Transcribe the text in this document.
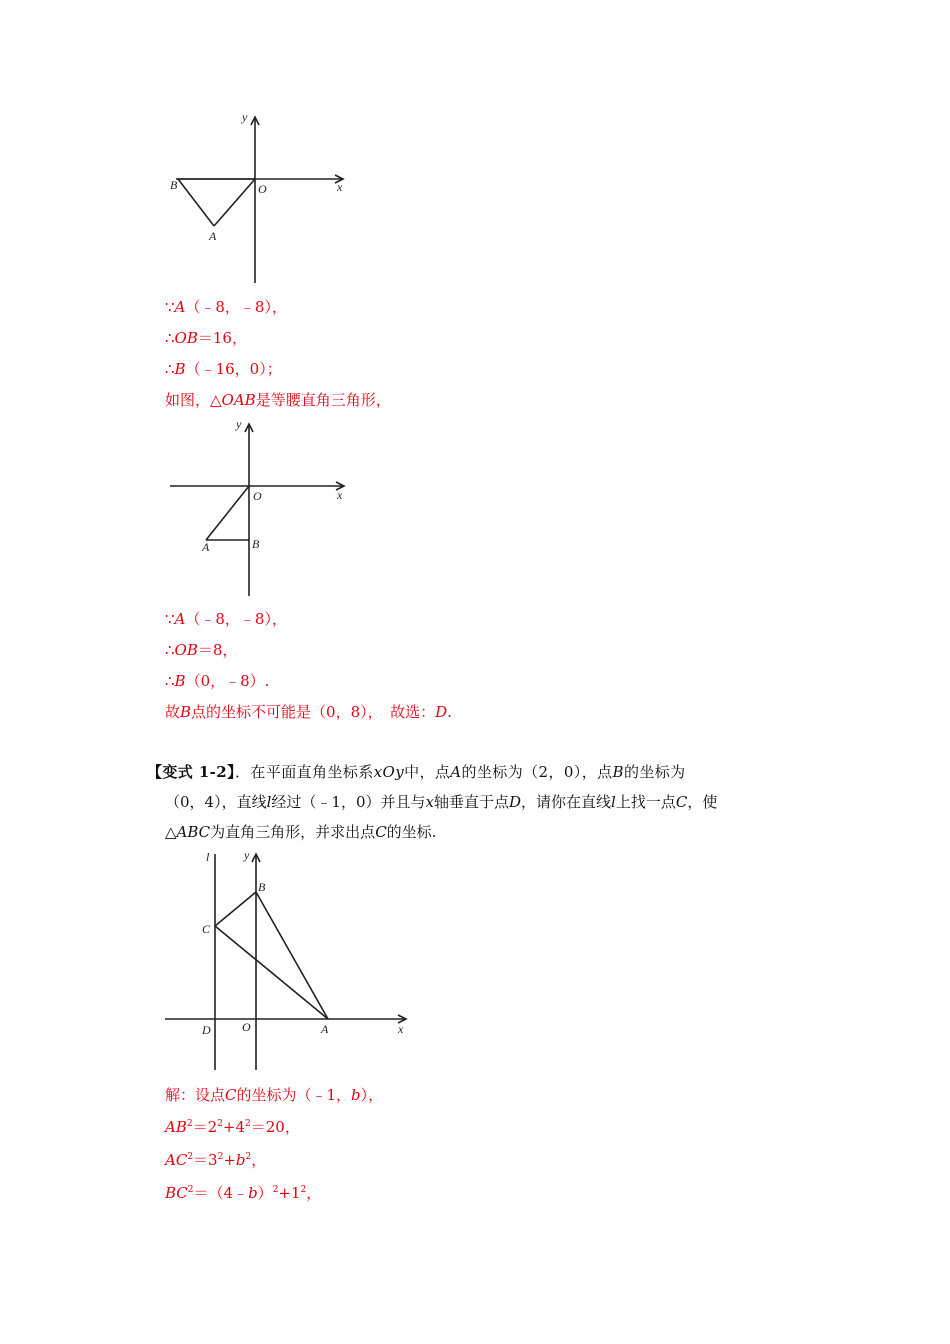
y
x
O
B
A
∵A（﹣8，﹣8），
∴OB＝16，
∴B（﹣16，0）；
如图，△OAB是等腰直角三角形，
y
x
O
B
A
∵A（﹣8，﹣8），
∴OB＝8，
∴B（0，﹣8）.
故B点的坐标不可能是（0，8），　故选：D.
【变式 1-2】．在平面直角坐标系xOy中，点A的坐标为（2，0），点B的坐标为
（0，4），直线l经过（﹣1，0）并且与x轴垂直于点D，请你在直线l上找一点C，使
△ABC为直角三角形，并求出点C的坐标.
l	y
B
C
D	O	A	x
解：设点C的坐标为（﹣1，b），
$AB^2=2^2+4^2=20$，
$AC^2=3^2+b^2$，
$BC^2=(4﹣b)^2+1^2$，
